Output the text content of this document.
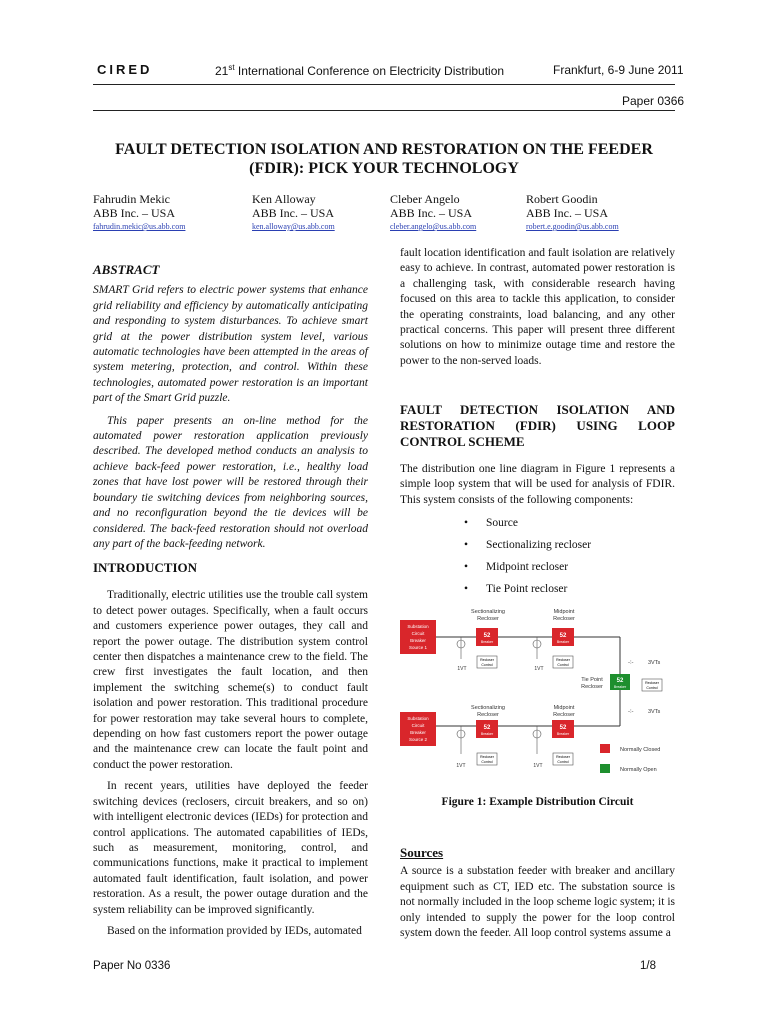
CIRED	21st International Conference on Electricity Distribution	Frankfurt, 6-9 June 2011
Paper 0366
FAULT DETECTION ISOLATION AND RESTORATION ON THE FEEDER
(FDIR): PICK YOUR TECHNOLOGY
Fahrudin Mekic
ABB Inc. – USA
fahrudin.mekic@us.abb.com
Ken Alloway
ABB Inc. – USA
ken.alloway@us.abb.com
Cleber Angelo
ABB Inc. – USA
cleber.angelo@us.abb.com
Robert Goodin
ABB Inc. – USA
robert.e.goodin@us.abb.com
ABSTRACT

SMART Grid refers to electric power systems that enhance grid reliability and efficiency by automatically anticipating and responding to system disturbances. To achieve smart grid at the power distribution system level, various automatic technologies have been attempted in the areas of system metering, protection, and control. Within these technologies, automated power restoration is an important part of the Smart Grid puzzle.

This paper presents an on-line method for the automated power restoration application previously described. The developed method conducts an analysis to achieve back-feed power restoration, i.e., healthy load zones that have lost power will be restored through their boundary tie switching devices from neighboring sources, and no reconfiguration beyond the tie devices will be considered. The back-feed restoration should not overload any part of the back-feeding network.

INTRODUCTION

Traditionally, electric utilities use the trouble call system to detect power outages. Specifically, when a fault occurs and customers experience power outages, they call and report the power outage. The distribution system control center then dispatches a maintenance crew to the field. The crew first investigates the fault location, and then implement the switching scheme(s) to conduct fault isolation and power restoration. This traditional procedure for power restoration may take several hours to complete, depending on how fast customers report the power outage and the maintenance crew can locate the fault point and conduct the power restoration.

In recent years, utilities have deployed the feeder switching devices (reclosers, circuit breakers, and so on) with intelligent electronic devices (IEDs) for protection and control applications. The automated capabilities of IEDs, such as measurement, monitoring, control, and communications functions, make it practical to implement automated fault identification, fault isolation, and power restoration. As a result, the power outage duration and the system reliability can be improved significantly.

Based on the information provided by IEDs, automated

fault location identification and fault isolation are relatively easy to achieve. In contrast, automated power restoration is a challenging task, with considerable research having focused on this area to tackle this application, to consider the operating constraints, load balancing, and any other practical concerns. This paper will present three different solutions on how to minimize outage time and restore the power to the non-served loads.

FAULT DETECTION ISOLATION AND RESTORATION (FDIR) USING LOOP CONTROL SCHEME

The distribution one line diagram in Figure 1 represents a simple loop system that will be used for analysis of FDIR. This system consists of the following components:

• Source
• Sectionalizing recloser
• Midpoint recloser
• Tie Point recloser
Substation
Circuit
Breaker
Source 1
Sectionalizing
Recloser
52
Breaker
Midpoint
Recloser
52
Breaker
1VT
Recloser
Control
1VT
Recloser
Control	-⫶-	3VTs
Tie Point
Recloser
52
Breaker
Recloser
Control
-⫶-	3VTs
Substation
Circuit
Breaker
Source 2
Sectionalizing
Recloser
52
Breaker
Midpoint
Recloser
52
Breaker
1VT
Recloser
Control
1VT
Recloser
Control
Normally Closed
Normally Open
Figure 1: Example Distribution Circuit
Sources

A source is a substation feeder with breaker and ancillary equipment such as CT, IED etc. The substation source is not normally included in the loop scheme logic system; it is only intended to supply the power for the loop control system down the feeder. All loop control systems assume a

Paper No 0336	1/8
